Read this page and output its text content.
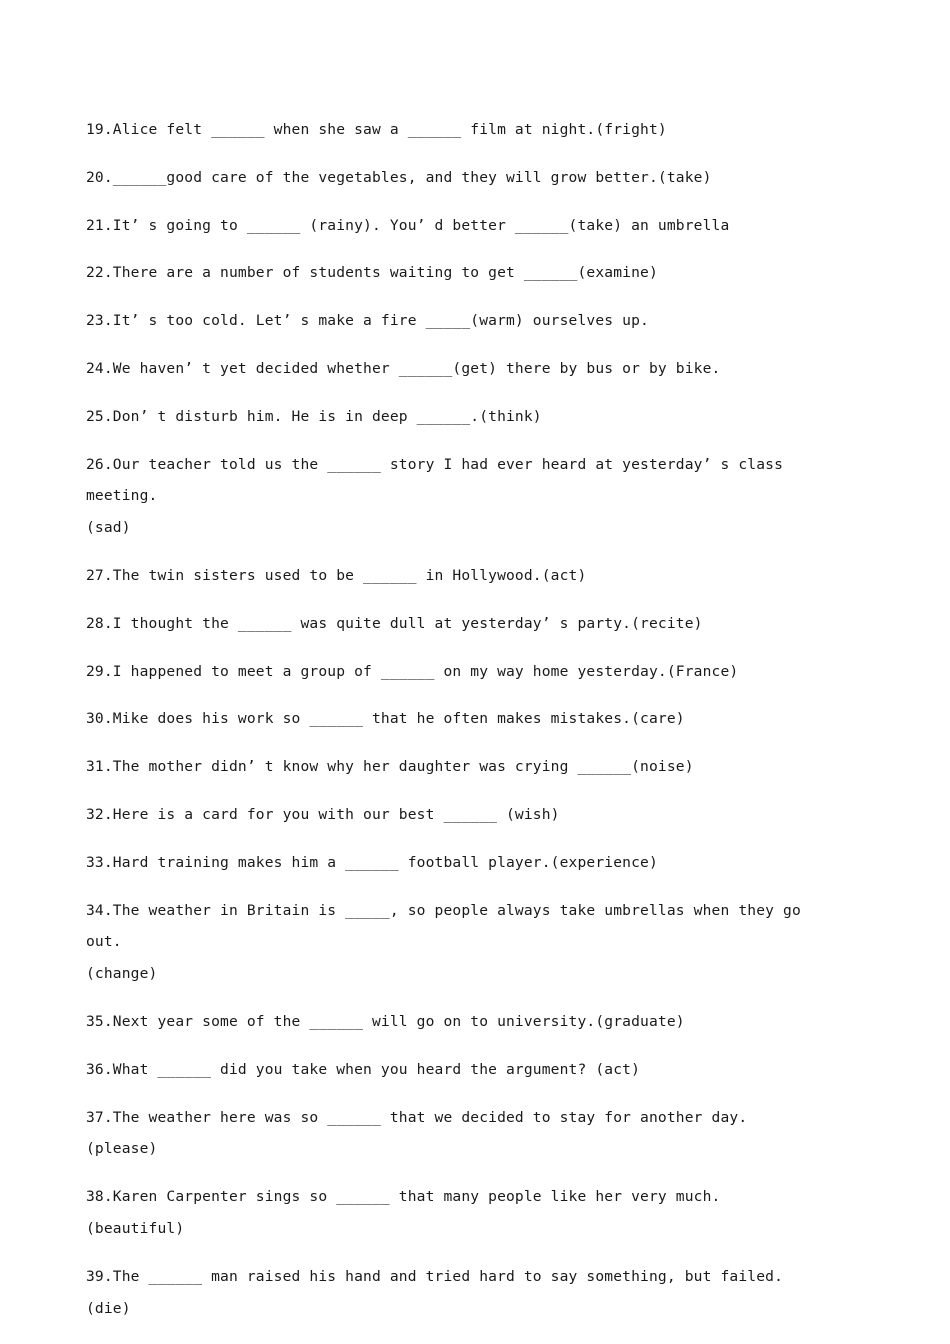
19.Alice felt ______ when she saw a ______ film at night.(fright)
20.______good care of the vegetables, and they will grow better.(take)
21.It’ s going to ______ (rainy). You’ d better ______(take) an umbrella
22.There are a number of students waiting to get ______(examine)
23.It’ s too cold. Let’ s make a fire _____(warm) ourselves up.
24.We haven’ t yet decided whether ______(get) there by bus or by bike.
25.Don’ t disturb him. He is in deep ______.(think)
26.Our teacher told us the ______ story I had ever heard at yesterday’ s class meeting.
(sad)
27.The twin sisters used to be ______ in Hollywood.(act)
28.I thought the ______ was quite dull at yesterday’ s party.(recite)
29.I happened to meet a group of ______ on my way home yesterday.(France)
30.Mike does his work so ______ that he often makes mistakes.(care)
31.The mother didn’ t know why her daughter was crying ______(noise)
32.Here is a card for you with our best ______ (wish)
33.Hard training makes him a ______ football player.(experience)
34.The weather in Britain is _____, so people always take umbrellas when they go out.
(change)
35.Next year some of the ______ will go on to university.(graduate)
36.What ______ did you take when you heard the argument? (act)
37.The weather here was so ______ that we decided to stay for another day. (please)
38.Karen Carpenter sings so ______ that many people like her very much. (beautiful)
39.The ______ man raised his hand and tried hard to say something, but failed. (die)
